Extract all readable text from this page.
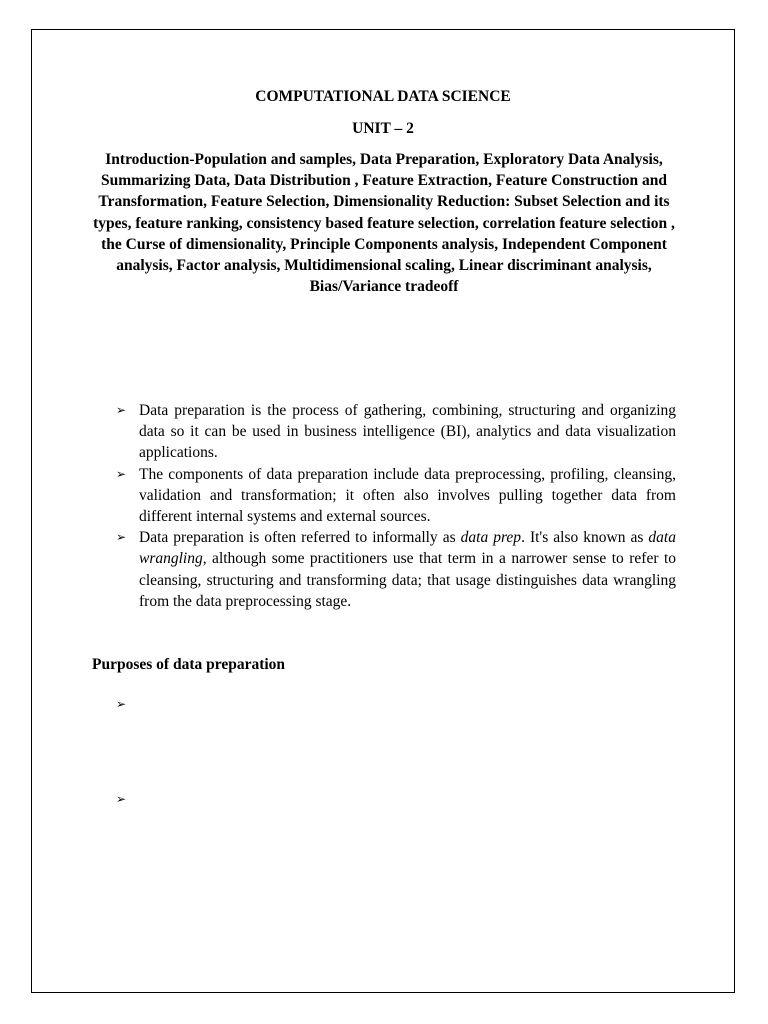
COMPUTATIONAL DATA SCIENCE
UNIT – 2

Introduction-Population and samples, Data Preparation, Exploratory Data Analysis, Summarizing Data, Data Distribution , Feature Extraction, Feature Construction and Transformation, Feature Selection, Dimensionality Reduction: Subset Selection and its types, feature ranking, consistency based feature selection, correlation feature selection , the Curse of dimensionality, Principle Components analysis, Independent Component analysis, Factor analysis, Multidimensional scaling, Linear discriminant analysis, Bias/Variance tradeoff

➢ Data preparation is the process of gathering, combining, structuring and organizing data so it can be used in business intelligence (BI), analytics and data visualization applications.
➢ The components of data preparation include data preprocessing, profiling, cleansing, validation and transformation; it often also involves pulling together data from different internal systems and external sources.
➢ Data preparation is often referred to informally as data prep. It's also known as data wrangling, although some practitioners use that term in a narrower sense to refer to cleansing, structuring and transforming data; that usage distinguishes data wrangling from the data preprocessing stage.
Purposes of data preparation
➢
➢
